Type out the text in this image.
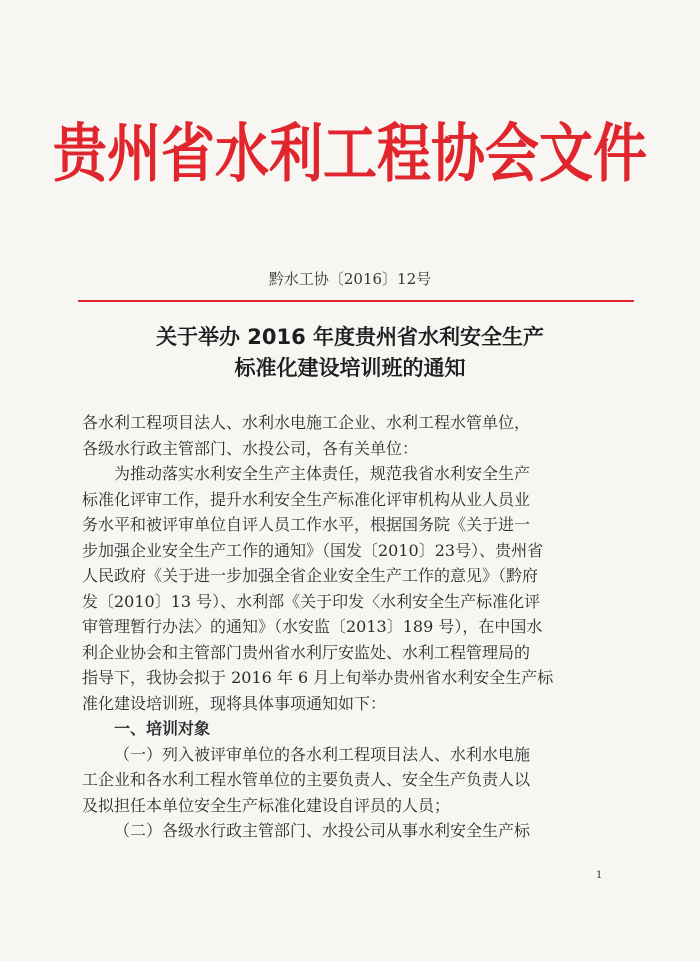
贵州省水利工程协会文件
黔水工协〔2016〕12号
关于举办 2016 年度贵州省水利安全生产
标准化建设培训班的通知
各水利工程项目法人、水利水电施工企业、水利工程水管单位，
各级水行政主管部门、水投公司，各有关单位：
为推动落实水利安全生产主体责任，规范我省水利安全生产
标准化评审工作，提升水利安全生产标准化评审机构从业人员业
务水平和被评审单位自评人员工作水平，根据国务院《关于进一
步加强企业安全生产工作的通知》（国发〔2010〕23号）、贵州省
人民政府《关于进一步加强全省企业安全生产工作的意见》（黔府
发〔2010〕13 号）、水利部《关于印发〈水利安全生产标准化评
审管理暂行办法〉的通知》（水安监〔2013〕189 号），在中国水
利企业协会和主管部门贵州省水利厅安监处、水利工程管理局的
指导下，我协会拟于 2016 年 6 月上旬举办贵州省水利安全生产标
准化建设培训班，现将具体事项通知如下：
一、培训对象
（一）列入被评审单位的各水利工程项目法人、水利水电施
工企业和各水利工程水管单位的主要负责人、安全生产负责人以
及拟担任本单位安全生产标准化建设自评员的人员；
（二）各级水行政主管部门、水投公司从事水利安全生产标
1
